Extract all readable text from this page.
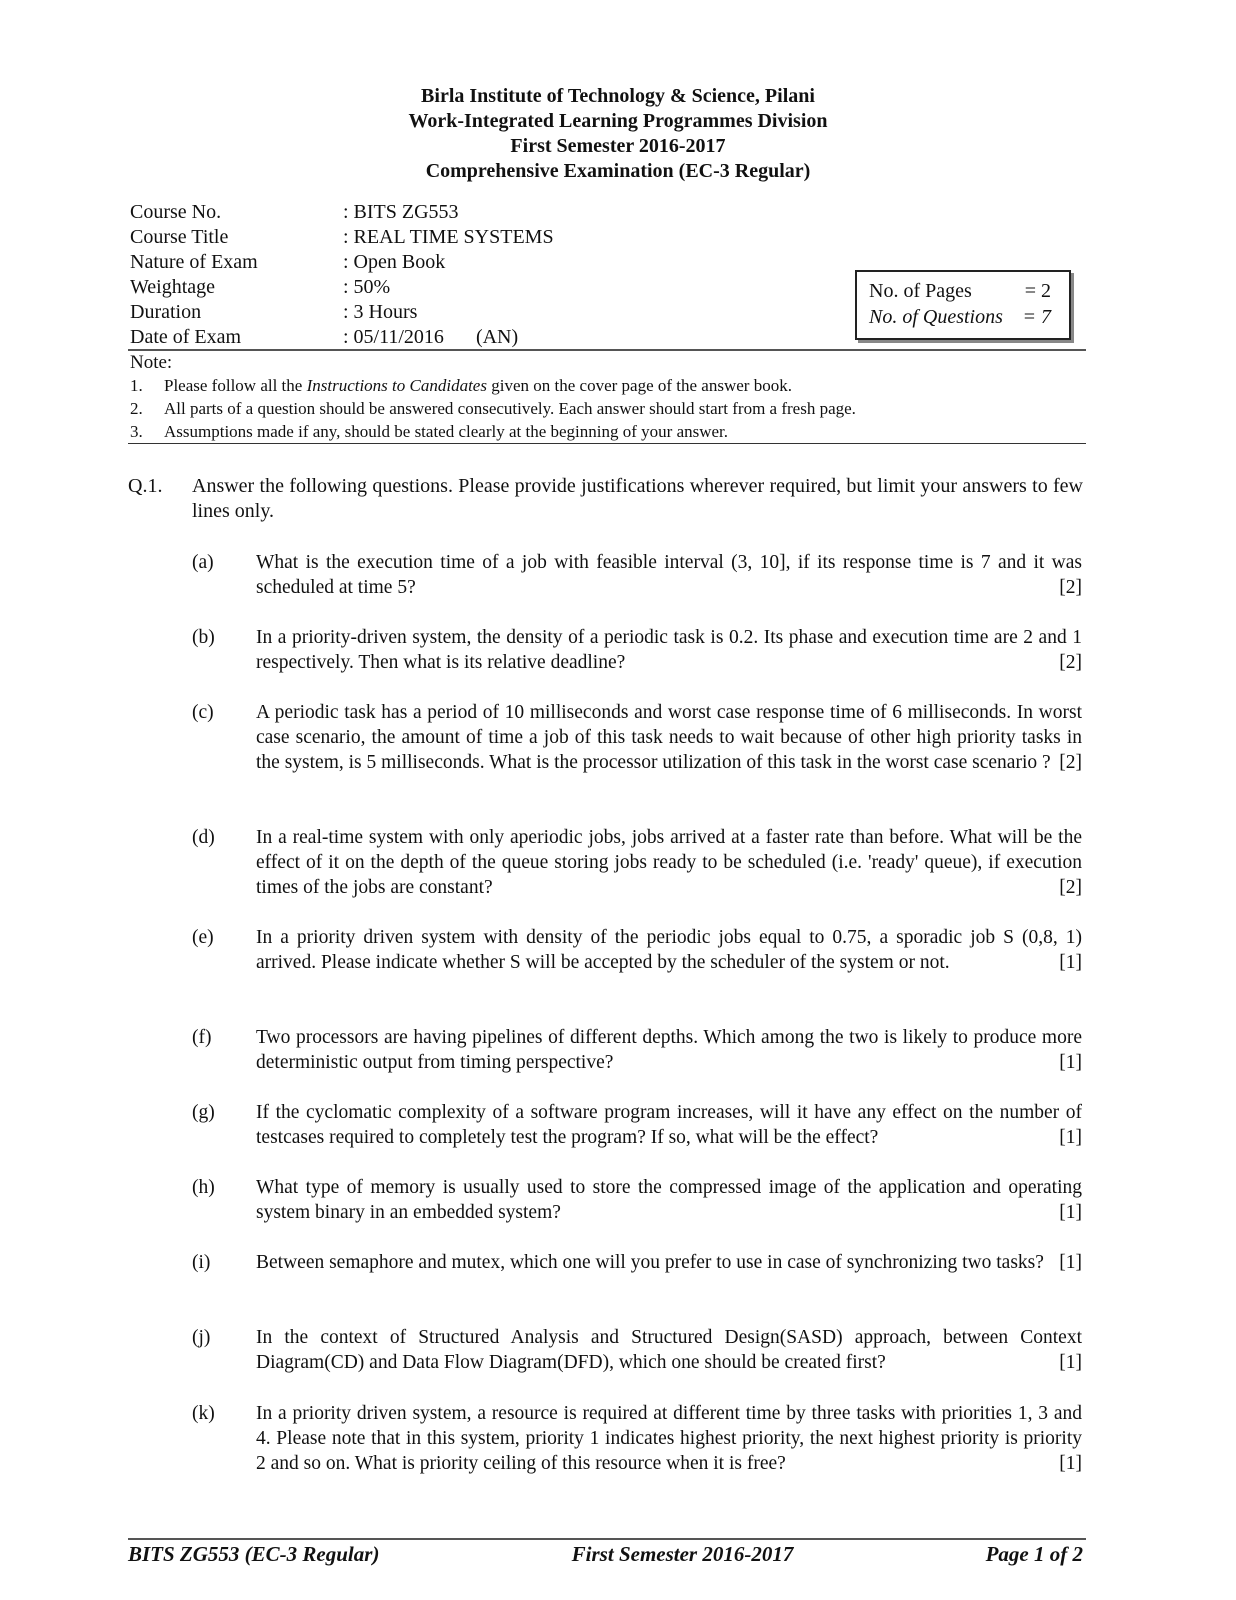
Birla Institute of Technology & Science, Pilani
Work-Integrated Learning Programmes Division
First Semester 2016-2017
Comprehensive Examination (EC-3 Regular)
Course No.	: BITS ZG553
Course Title	: REAL TIME SYSTEMS
Nature of Exam	: Open Book
Weightage	: 50%
Duration	: 3 Hours
Date of Exam	: 05/11/2016 (AN)
No. of Pages	= 2
No. of Questions = 7
Note:
1.	Please follow all the Instructions to Candidates given on the cover page of the answer book.
2.	All parts of a question should be answered consecutively. Each answer should start from a fresh page.
3.	Assumptions made if any, should be stated clearly at the beginning of your answer.
Q.1.	Answer the following questions. Please provide justifications wherever required, but limit your answers to few lines only.
(a)	What is the execution time of a job with feasible interval (3, 10], if its response time is 7 and it was scheduled at time 5?	[2]
(b)	In a priority-driven system, the density of a periodic task is 0.2. Its phase and execution time are 2 and 1 respectively. Then what is its relative deadline?	[2]
(c)	A periodic task has a period of 10 milliseconds and worst case response time of 6 milliseconds. In worst case scenario, the amount of time a job of this task needs to wait because of other high priority tasks in the system, is 5 milliseconds. What is the processor utilization of this task in the worst case scenario ? [2]
(d)	In a real-time system with only aperiodic jobs, jobs arrived at a faster rate than before. What will be the effect of it on the depth of the queue storing jobs ready to be scheduled (i.e. 'ready' queue), if execution times of the jobs are constant?	[2]
(e)	In a priority driven system with density of the periodic jobs equal to 0.75, a sporadic job S (0,8, 1) arrived. Please indicate whether S will be accepted by the scheduler of the system or not.	[1]
(f)	Two processors are having pipelines of different depths. Which among the two is likely to produce more deterministic output from timing perspective?	[1]
(g)	If the cyclomatic complexity of a software program increases, will it have any effect on the number of testcases required to completely test the program? If so, what will be the effect?	[1]
(h)	What type of memory is usually used to store the compressed image of the application and operating system binary in an embedded system?	[1]
(i)	Between semaphore and mutex, which one will you prefer to use in case of synchronizing two tasks? [1]
(j)	In the context of Structured Analysis and Structured Design(SASD) approach, between Context Diagram(CD) and Data Flow Diagram(DFD), which one should be created first?	[1]
(k)	In a priority driven system, a resource is required at different time by three tasks with priorities 1, 3 and 4. Please note that in this system, priority 1 indicates highest priority, the next highest priority is priority 2 and so on. What is priority ceiling of this resource when it is free?	[1]
BITS ZG553 (EC-3 Regular)	First Semester 2016-2017	Page 1 of 2
